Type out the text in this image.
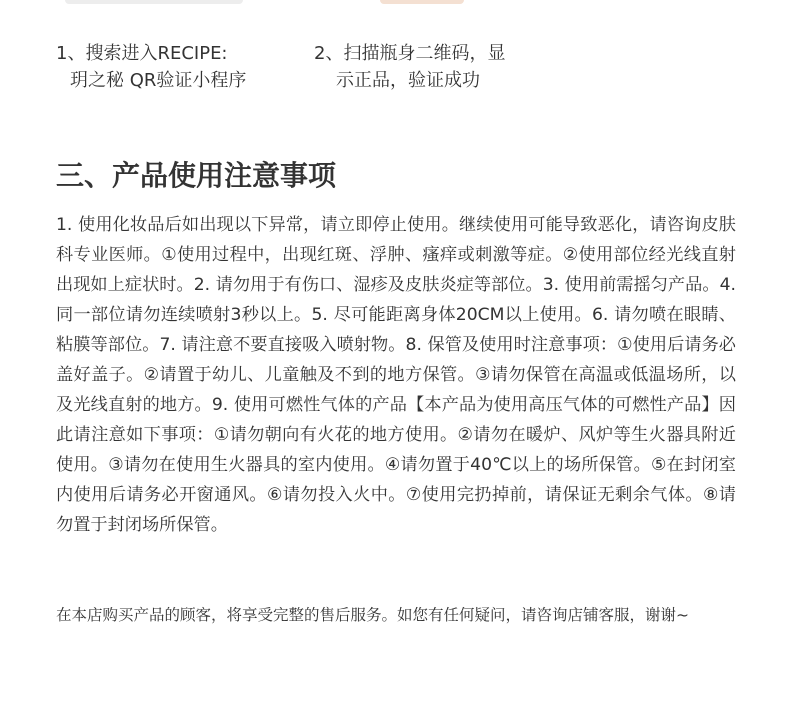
1、搜索进入RECIPE:
玥之秘 QR验证小程序
2、扫描瓶身二维码，显
示正品，验证成功
三、产品使用注意事项

1. 使用化妆品后如出现以下异常，请立即停止使用。继续使用可能导致恶化，请咨询皮肤科专业医师。①使用过程中，出现红斑、浮肿、瘙痒或刺激等症。②使用部位经光线直射出现如上症状时。2. 请勿用于有伤口、湿疹及皮肤炎症等部位。3. 使用前需摇匀产品。4. 同一部位请勿连续喷射3秒以上。5. 尽可能距离身体20CM以上使用。6. 请勿喷在眼睛、粘膜等部位。7. 请注意不要直接吸入喷射物。8. 保管及使用时注意事项：①使用后请务必盖好盖子。②请置于幼儿、儿童触及不到的地方保管。③请勿保管在高温或低温场所，以及光线直射的地方。9. 使用可燃性气体的产品【本产品为使用高压气体的可燃性产品】因此请注意如下事项：①请勿朝向有火花的地方使用。②请勿在暖炉、风炉等生火器具附近使用。③请勿在使用生火器具的室内使用。④请勿置于40℃以上的场所保管。⑤在封闭室内使用后请务必开窗通风。⑥请勿投入火中。⑦使用完扔掉前，请保证无剩余气体。⑧请勿置于封闭场所保管。

在本店购买产品的顾客，将享受完整的售后服务。如您有任何疑问，请咨询店铺客服，谢谢~
